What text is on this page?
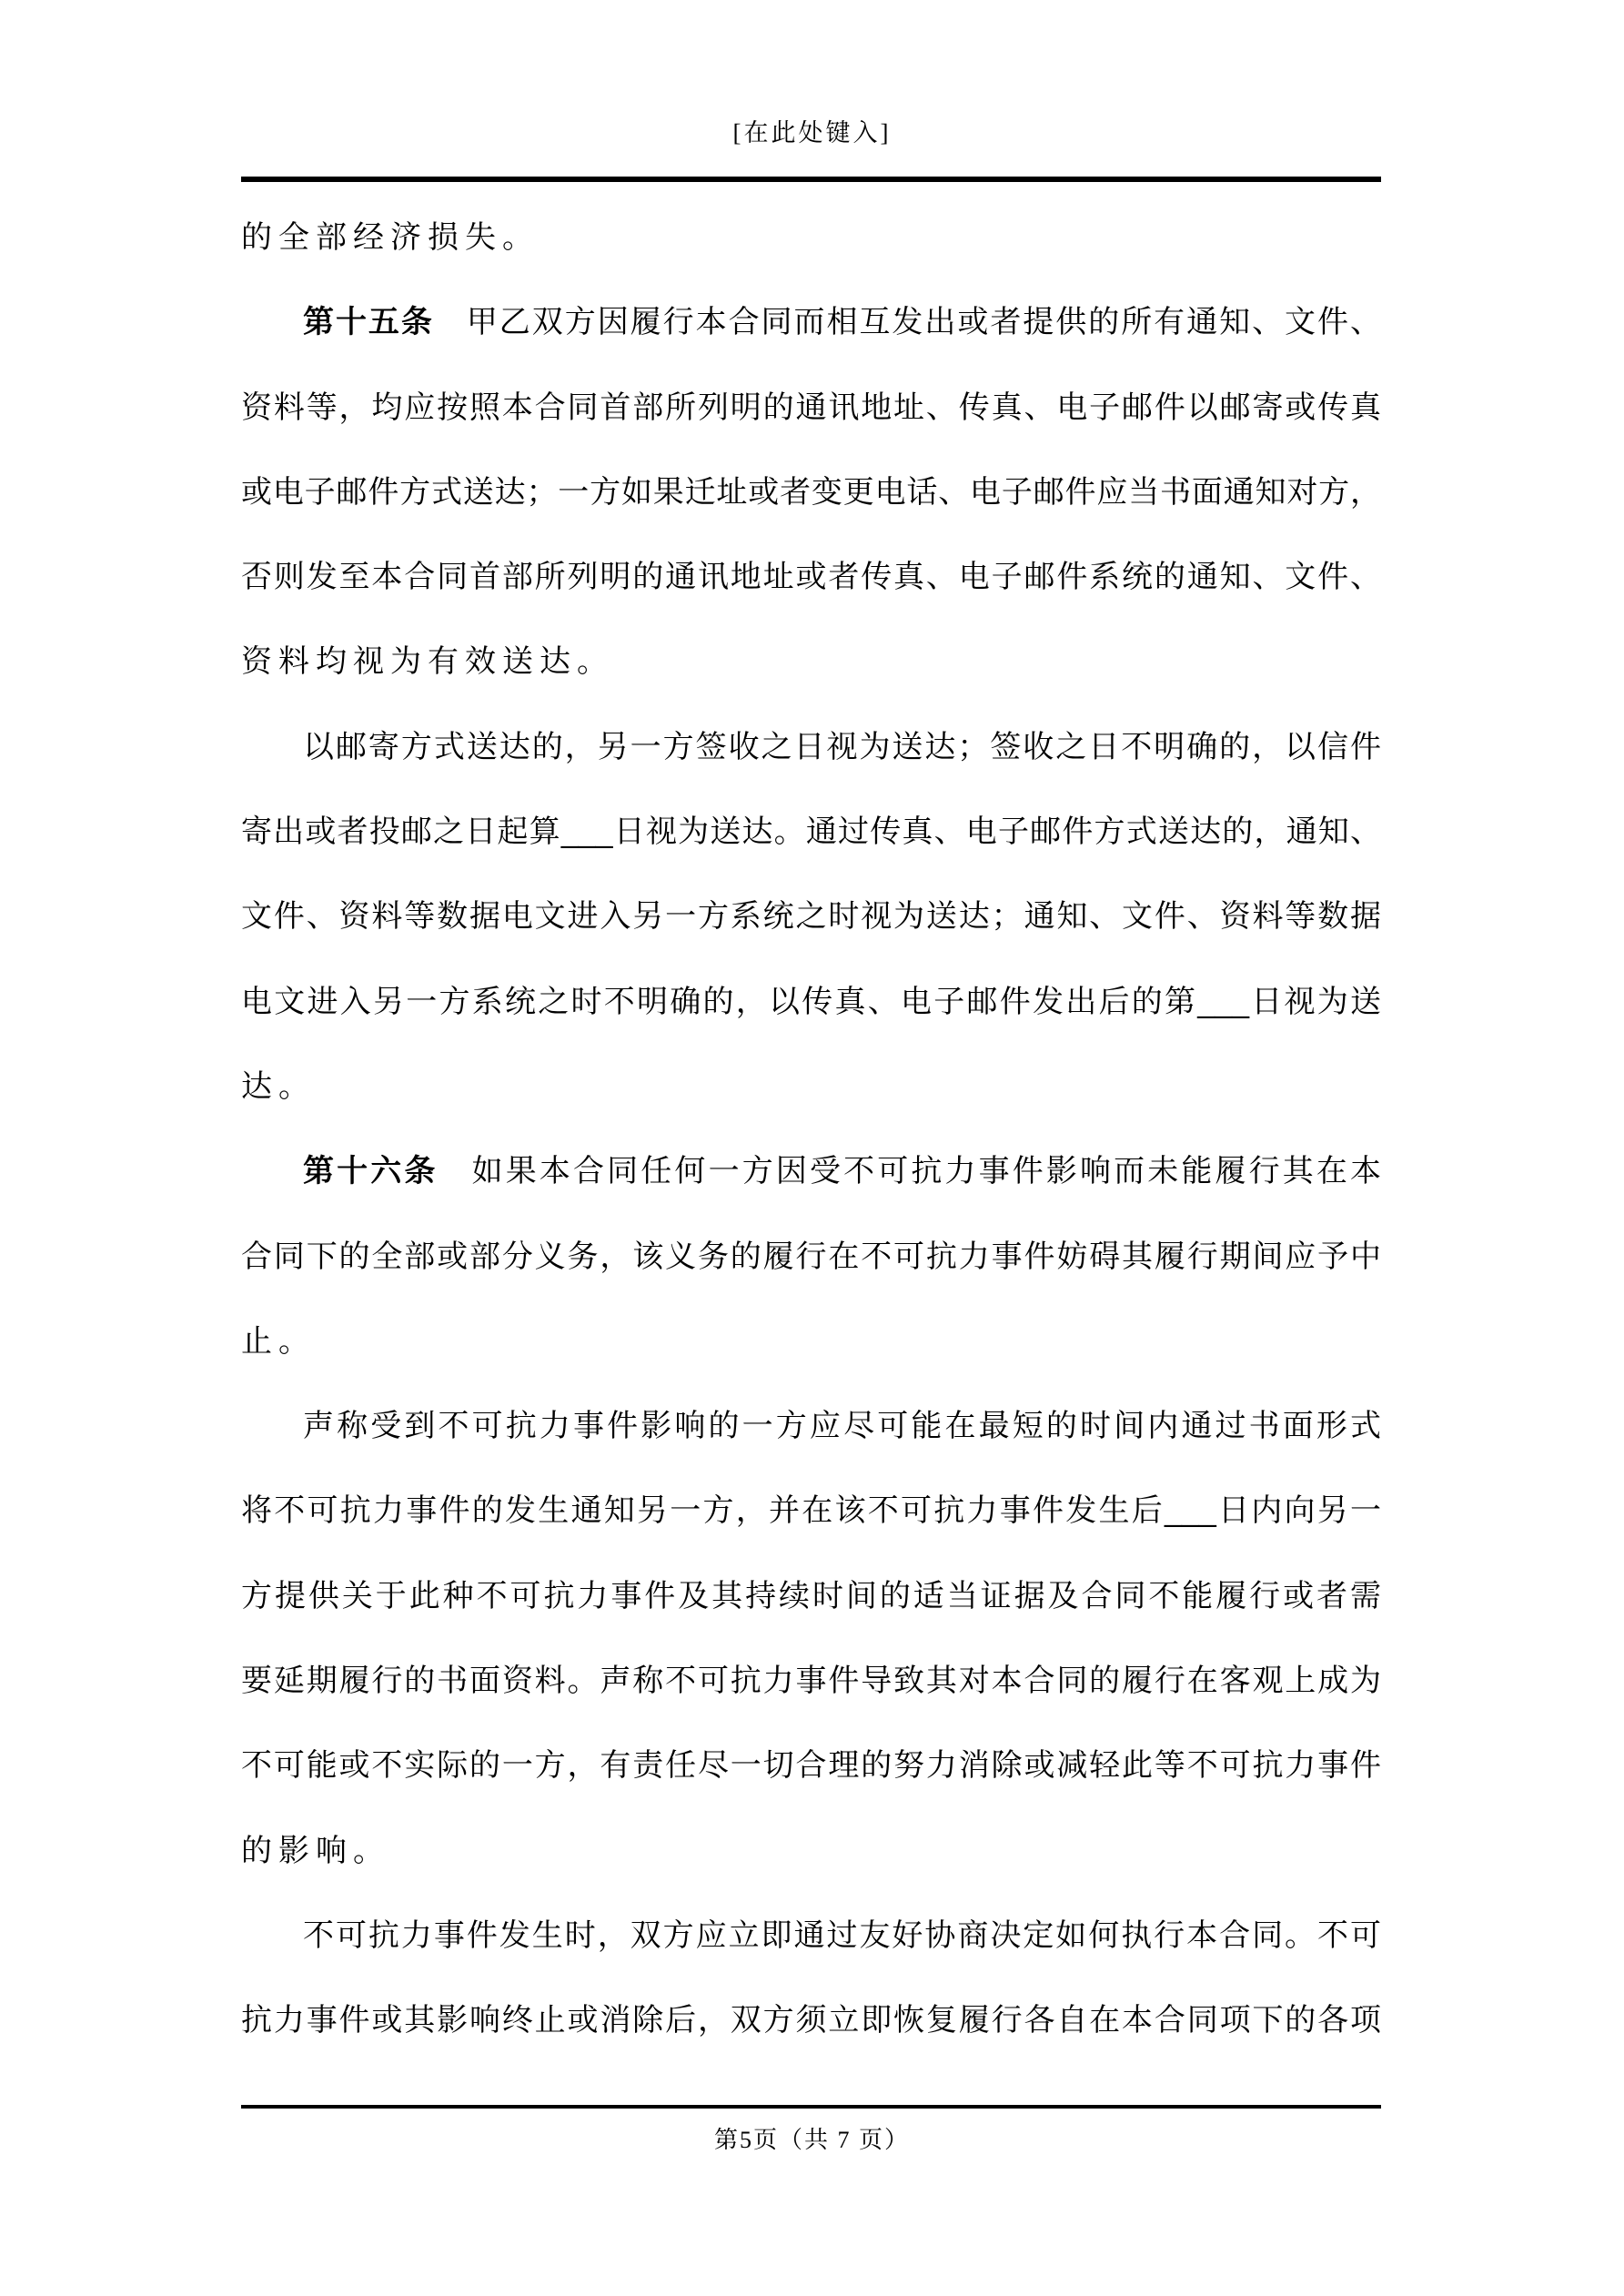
[在此处键入]
的全部经济损失。
第十五条　甲乙双方因履行本合同而相互发出或者提供的所有通知、文件、
资料等，均应按照本合同首部所列明的通讯地址、传真、电子邮件以邮寄或传真
或电子邮件方式送达；一方如果迁址或者变更电话、电子邮件应当书面通知对方，
否则发至本合同首部所列明的通讯地址或者传真、电子邮件系统的通知、文件、
资料均视为有效送达。
以邮寄方式送达的，另一方签收之日视为送达；签收之日不明确的，以信件
寄出或者投邮之日起算___日视为送达。通过传真、电子邮件方式送达的，通知、
文件、资料等数据电文进入另一方系统之时视为送达；通知、文件、资料等数据
电文进入另一方系统之时不明确的，以传真、电子邮件发出后的第___日视为送
达。
第十六条　如果本合同任何一方因受不可抗力事件影响而未能履行其在本
合同下的全部或部分义务，该义务的履行在不可抗力事件妨碍其履行期间应予中
止。
声称受到不可抗力事件影响的一方应尽可能在最短的时间内通过书面形式
将不可抗力事件的发生通知另一方，并在该不可抗力事件发生后___日内向另一
方提供关于此种不可抗力事件及其持续时间的适当证据及合同不能履行或者需
要延期履行的书面资料。声称不可抗力事件导致其对本合同的履行在客观上成为
不可能或不实际的一方，有责任尽一切合理的努力消除或减轻此等不可抗力事件
的影响。
不可抗力事件发生时，双方应立即通过友好协商决定如何执行本合同。不可
抗力事件或其影响终止或消除后，双方须立即恢复履行各自在本合同项下的各项
第5页（共 7 页）
